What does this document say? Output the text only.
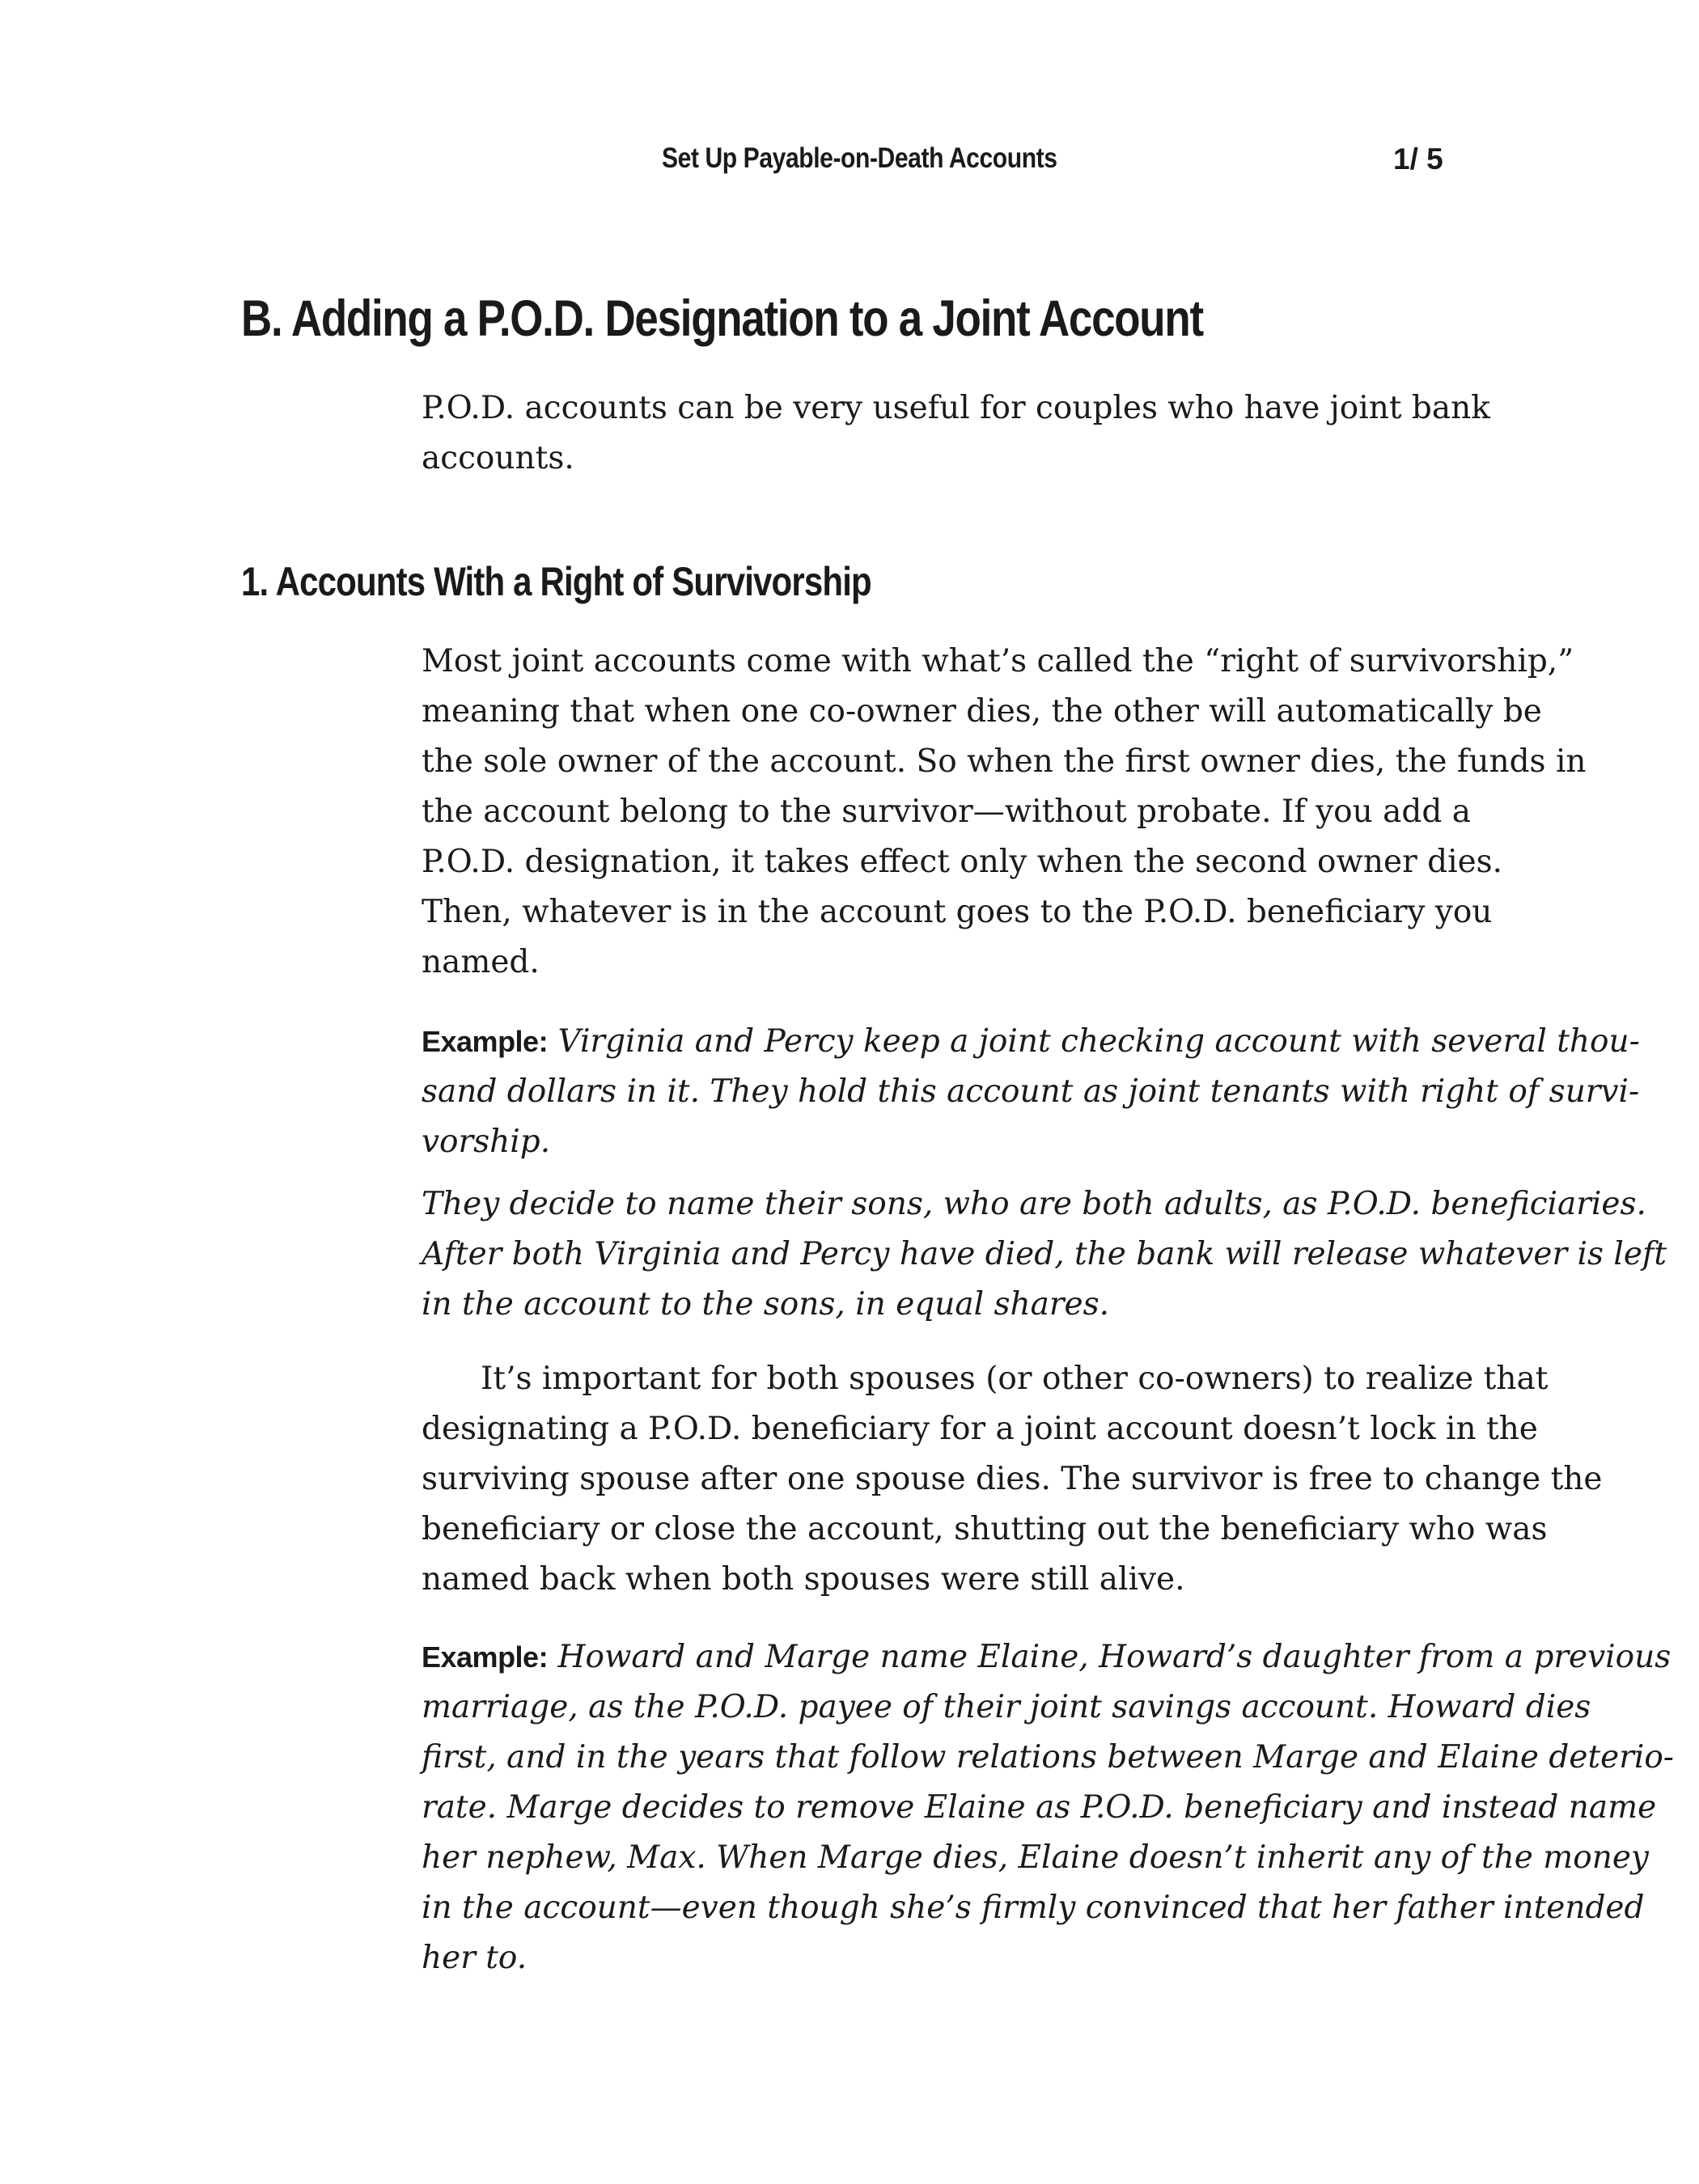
Set Up Payable-on-Death Accounts	1/ 5
B. Adding a P.O.D. Designation to a Joint Account

P.O.D. accounts can be very useful for couples who have joint bank
accounts.

1. Accounts With a Right of Survivorship

Most joint accounts come with what’s called the “right of survivorship,”
meaning that when one co-owner dies, the other will automatically be
the sole owner of the account. So when the first owner dies, the funds in
the account belong to the survivor—without probate. If you add a
P.O.D. designation, it takes effect only when the second owner dies.
Then, whatever is in the account goes to the P.O.D. beneficiary you
named.

Example: Virginia and Percy keep a joint checking account with several thou-
sand dollars in it. They hold this account as joint tenants with right of survi-
vorship.

They decide to name their sons, who are both adults, as P.O.D. beneficiaries.
After both Virginia and Percy have died, the bank will release whatever is left
in the account to the sons, in equal shares.

It’s important for both spouses (or other co-owners) to realize that
designating a P.O.D. beneficiary for a joint account doesn’t lock in the
surviving spouse after one spouse dies. The survivor is free to change the
beneficiary or close the account, shutting out the beneficiary who was
named back when both spouses were still alive.

Example: Howard and Marge name Elaine, Howard’s daughter from a previous
marriage, as the P.O.D. payee of their joint savings account. Howard dies
first, and in the years that follow relations between Marge and Elaine deterio-
rate. Marge decides to remove Elaine as P.O.D. beneficiary and instead name
her nephew, Max. When Marge dies, Elaine doesn’t inherit any of the money
in the account—even though she’s firmly convinced that her father intended
her to.
